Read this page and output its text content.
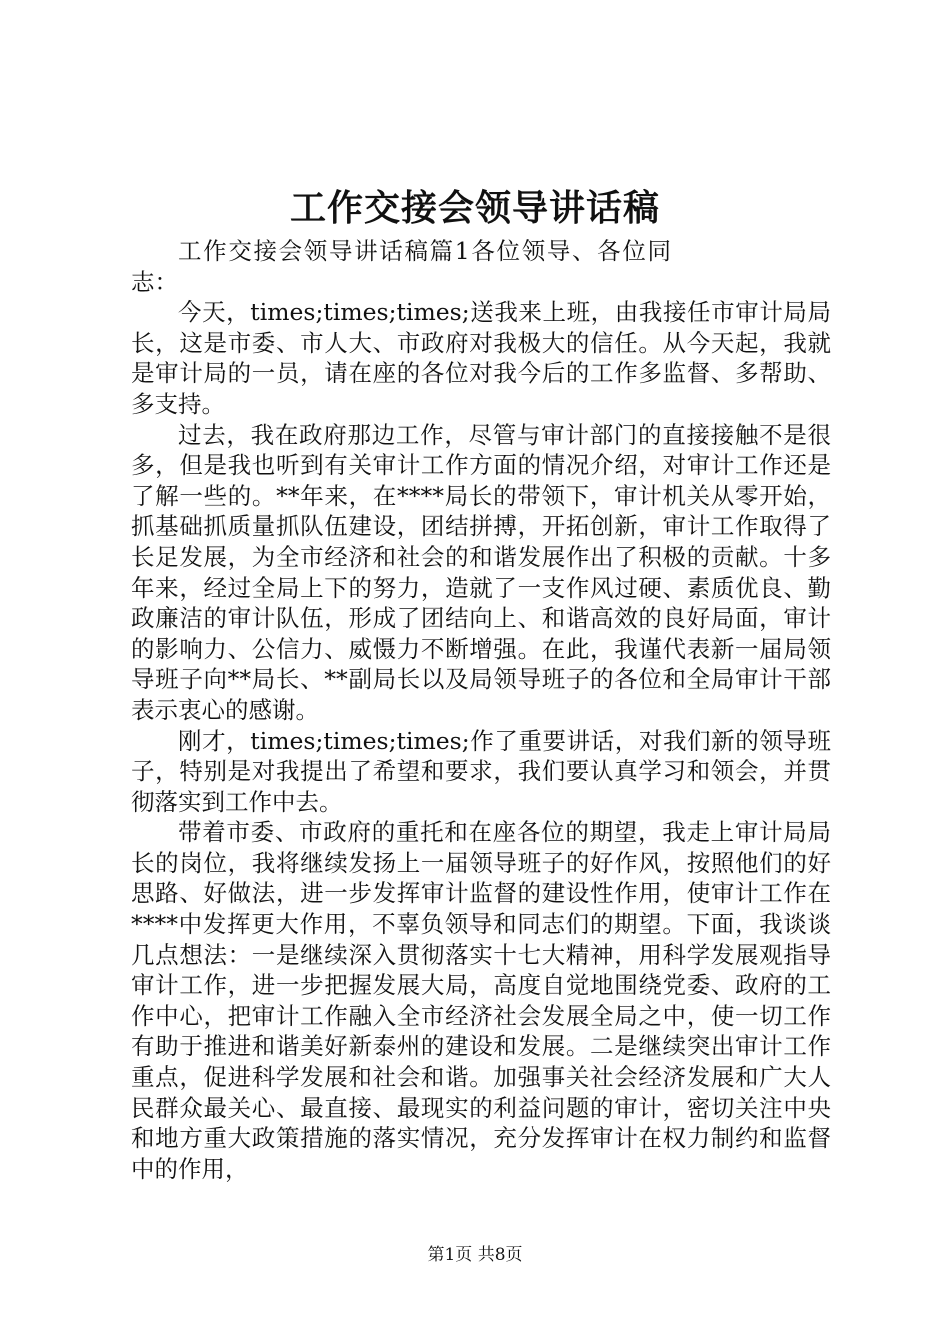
工作交接会领导讲话稿

工作交接会领导讲话稿篇1各位领导、各位同志：

今天，times;times;times;送我来上班，由我接任市审计局局长，这是市委、市人大、市政府对我极大的信任。从今天起，我就是审计局的一员，请在座的各位对我今后的工作多监督、多帮助、多支持。

过去，我在政府那边工作，尽管与审计部门的直接接触不是很多，但是我也听到有关审计工作方面的情况介绍，对审计工作还是了解一些的。**年来，在****局长的带领下，审计机关从零开始，抓基础抓质量抓队伍建设，团结拼搏，开拓创新，审计工作取得了长足发展，为全市经济和社会的和谐发展作出了积极的贡献。十多年来，经过全局上下的努力，造就了一支作风过硬、素质优良、勤政廉洁的审计队伍，形成了团结向上、和谐高效的良好局面，审计的影响力、公信力、威慑力不断增强。在此，我谨代表新一届局领导班子向**局长、**副局长以及局领导班子的各位和全局审计干部表示衷心的感谢。

刚才，times;times;times;作了重要讲话，对我们新的领导班子，特别是对我提出了希望和要求，我们要认真学习和领会，并贯彻落实到工作中去。

带着市委、市政府的重托和在座各位的期望，我走上审计局局长的岗位，我将继续发扬上一届领导班子的好作风，按照他们的好思路、好做法，进一步发挥审计监督的建设性作用，使审计工作在****中发挥更大作用，不辜负领导和同志们的期望。下面，我谈谈几点想法：一是继续深入贯彻落实十七大精神，用科学发展观指导审计工作，进一步把握发展大局，高度自觉地围绕党委、政府的工作中心，把审计工作融入全市经济社会发展全局之中，使一切工作有助于推进和谐美好新泰州的建设和发展。二是继续突出审计工作重点，促进科学发展和社会和谐。加强事关社会经济发展和广大人民群众最关心、最直接、最现实的利益问题的审计，密切关注中央和地方重大政策措施的落实情况，充分发挥审计在权力制约和监督中的作用，

第1页 共8页
